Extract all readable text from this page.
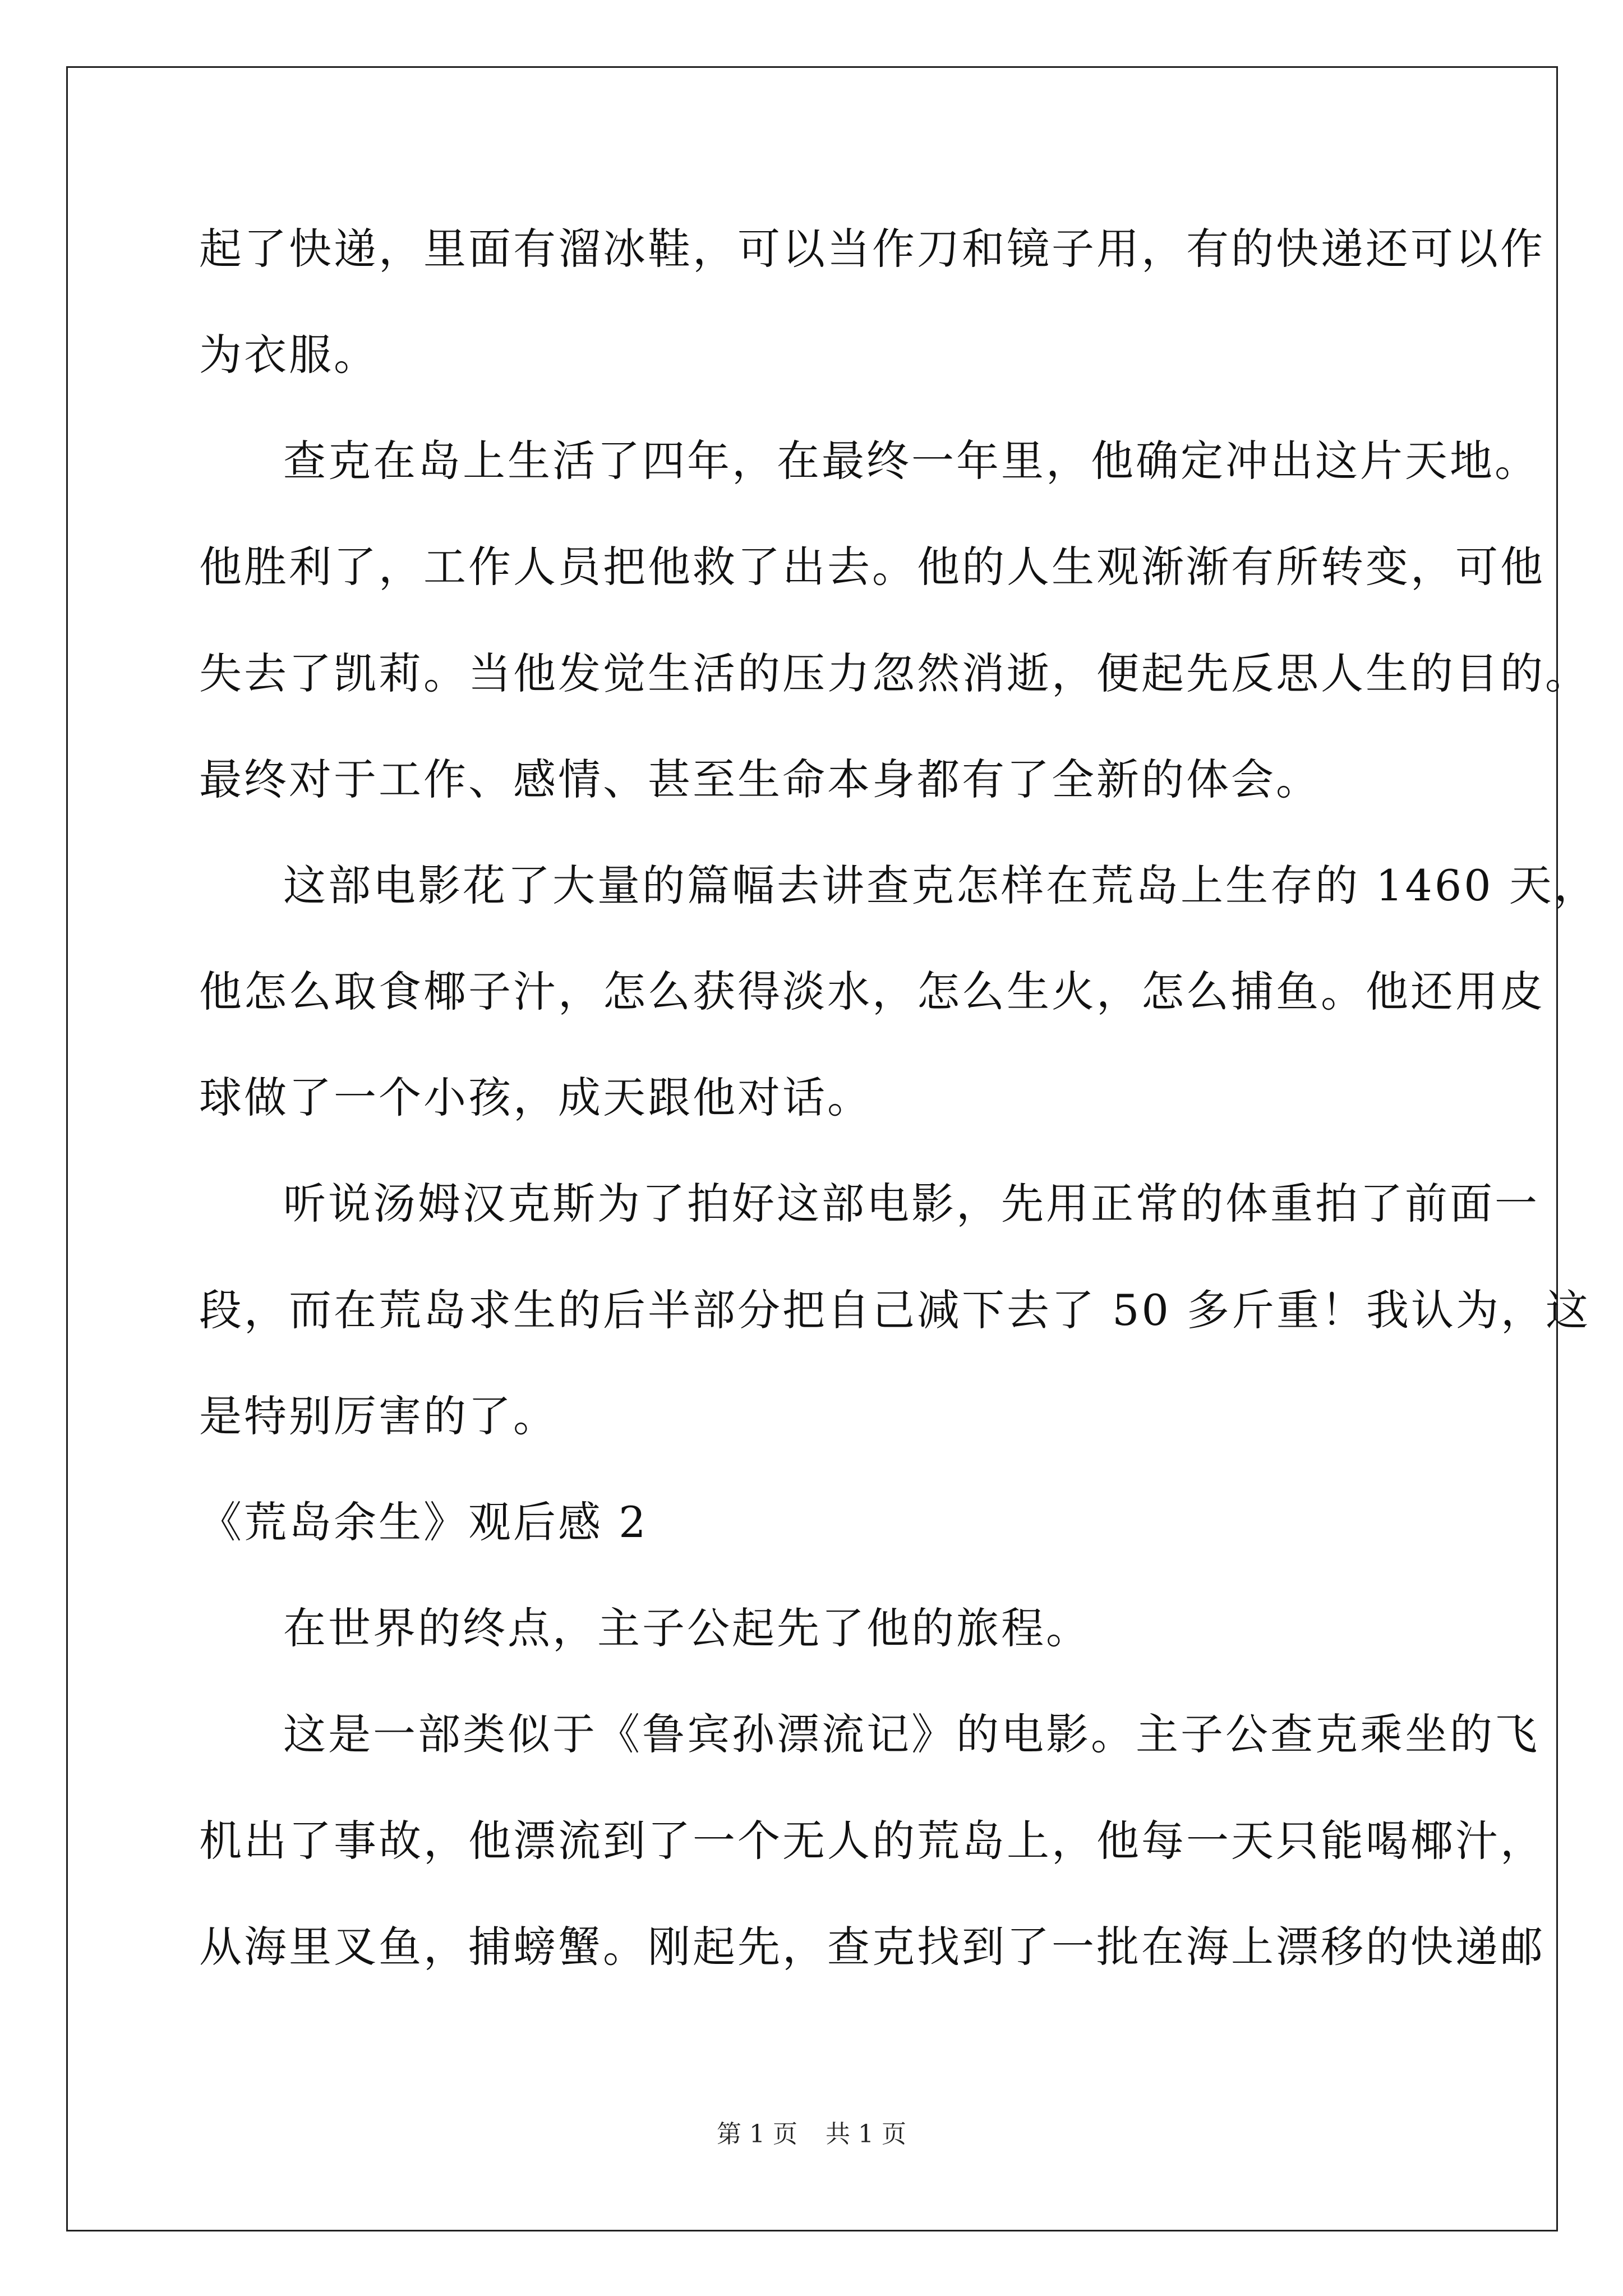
起了快递，里面有溜冰鞋，可以当作刀和镜子用，有的快递还可以作

为衣服。

查克在岛上生活了四年，在最终一年里，他确定冲出这片天地。

他胜利了，工作人员把他救了出去。他的人生观渐渐有所转变，可他

失去了凯莉。当他发觉生活的压力忽然消逝，便起先反思人生的目的。

最终对于工作、感情、甚至生命本身都有了全新的体会。

这部电影花了大量的篇幅去讲查克怎样在荒岛上生存的 1460 天，

他怎么取食椰子汁，怎么获得淡水，怎么生火，怎么捕鱼。他还用皮

球做了一个小孩，成天跟他对话。

听说汤姆汉克斯为了拍好这部电影，先用正常的体重拍了前面一

段，而在荒岛求生的后半部分把自己减下去了 50 多斤重！我认为，这

是特别厉害的了。

《荒岛余生》观后感 2

在世界的终点，主子公起先了他的旅程。

这是一部类似于《鲁宾孙漂流记》的电影。主子公查克乘坐的飞

机出了事故，他漂流到了一个无人的荒岛上，他每一天只能喝椰汁，

从海里叉鱼，捕螃蟹。刚起先，查克找到了一批在海上漂移的快递邮

第 1 页 共 1 页
